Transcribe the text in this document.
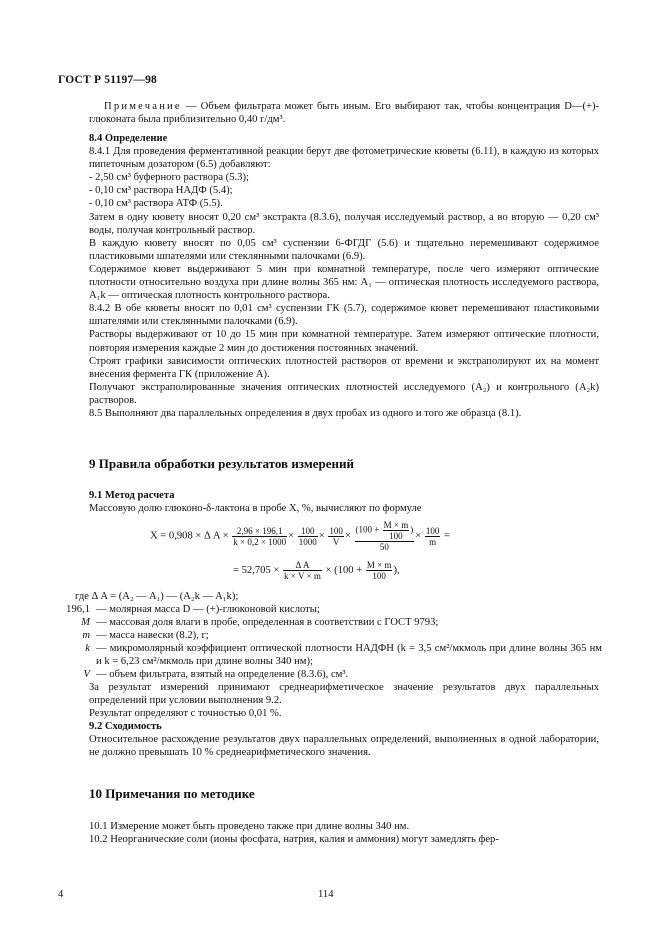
ГОСТ Р 51197—98

Примечание — Объем фильтрата может быть иным. Его выбирают так, чтобы концентрация D—(+)-глюконата была приблизительно 0,40 г/дм³.

8.4 Определение

8.4.1 Для проведения ферментативной реакции берут две фотометрические кюветы (6.11), в каждую из которых пипеточным дозатором (6.5) добавляют:

- 2,50 см³ буферного раствора (5.3);

- 0,10 см³ раствора НАДФ (5.4);

- 0,10 см³ раствора АТФ (5.5).

Затем в одну кювету вносят 0,20 см³ экстракта (8.3.6), получая исследуемый раствор, а во вторую — 0,20 см³ воды, получая контрольный раствор.

В каждую кювету вносят по 0,05 см³ суспензии 6-ФГДГ (5.6) и тщательно перемешивают содержимое пластиковыми шпателями или стеклянными палочками (6.9).

Содержимое кювет выдерживают 5 мин при комнатной температуре, после чего измеряют оптические плотности относительно воздуха при длине волны 365 нм: A₁ — оптическая плотность исследуемого раствора, A₁k — оптическая плотность контрольного раствора.

8.4.2 В обе кюветы вносят по 0,01 см³ суспензии ГК (5.7), содержимое кювет перемешивают пластиковыми шпателями или стеклянными палочками (6.9).

Растворы выдерживают от 10 до 15 мин при комнатной температуре. Затем измеряют оптические плотности, повторяя измерения каждые 2 мин до достижения постоянных значений.

Строят графики зависимости оптических плотностей растворов от времени и экстраполируют их на момент внесения фермента ГК (приложение А).

Получают экстраполированные значения оптических плотностей исследуемого (A₂) и контрольного (A₂k) растворов.

8.5 Выполняют два параллельных определения в двух пробах из одного и того же образца (8.1).

9 Правила обработки результатов измерений

9.1 Метод расчета

Массовую долю глюконо-δ-лактона в пробе X, %, вычисляют по формуле

X = 0,908 × Δ $A \times \frac{2,96 \times 196,1}{k \times 0,2 \times 1000} \times \frac{100}{1000} \times \frac{100}{V} \times \frac{(100 + \frac{M \times m}{100} )}{50} \times \frac{100}{m}$ =
= $52,705 \times \frac{\text{Δ A}}{k \times V \times m} \times (100 + \frac{M \times m}{100}$ ),

где Δ A = (A₂ — A₁) — (A₂k — A₁k);

196,1 — молярная масса D — (+)-глюконовой кислоты;
M — массовая доля влаги в пробе, определенная в соответствии с ГОСТ 9793;
m — масса навески (8.2), г;
k — микромолярный коэффициент оптической плотности НАДФН (k = 3,5 см²/мкмоль при длине волны 365 нм и k = 6,23 см²/мкмоль при длине волны 340 нм);
V — объем фильтрата, взятый на определение (8.3.6), см³.

За результат измерений принимают среднеарифметическое значение результатов двух параллельных определений при условии выполнения 9.2.

Результат определяют с точностью 0,01 %.

9.2 Сходимость

Относительное расхождение результатов двух параллельных определений, выполненных в одной лаборатории, не должно превышать 10 % среднеарифметического значения.

10 Примечания по методике

10.1 Измерение может быть проведено также при длине волны 340 нм.

10.2 Неорганические соли (ионы фосфата, натрия, калия и аммония) могут замедлять фер-

4	114
